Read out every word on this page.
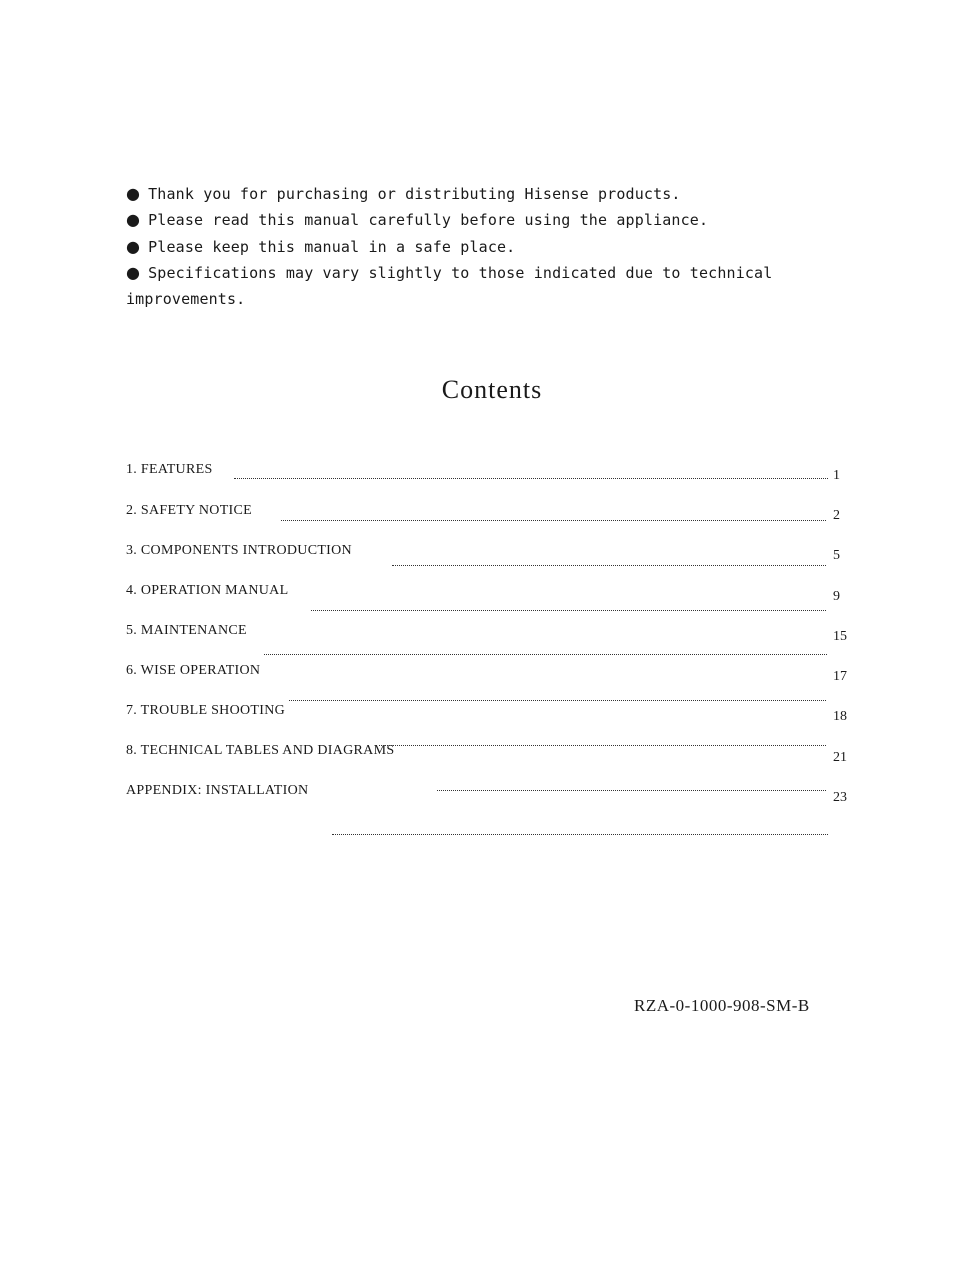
● Thank you for purchasing or distributing Hisense products.

● Please read this manual carefully before using the appliance.

● Please keep this manual in a safe place.

● Specifications may vary slightly to those indicated due to technical

improvements.

Contents
1. FEATURES
2. SAFETY NOTICE
3. COMPONENTS INTRODUCTION
4. OPERATION MANUAL
5. MAINTENANCE
6. WISE OPERATION
7. TROUBLE SHOOTING
8. TECHNICAL TABLES AND DIAGRAMS
APPENDIX: INSTALLATION
1
2
5
9
15
17
18
21
23
RZA-0-1000-908-SM-B
